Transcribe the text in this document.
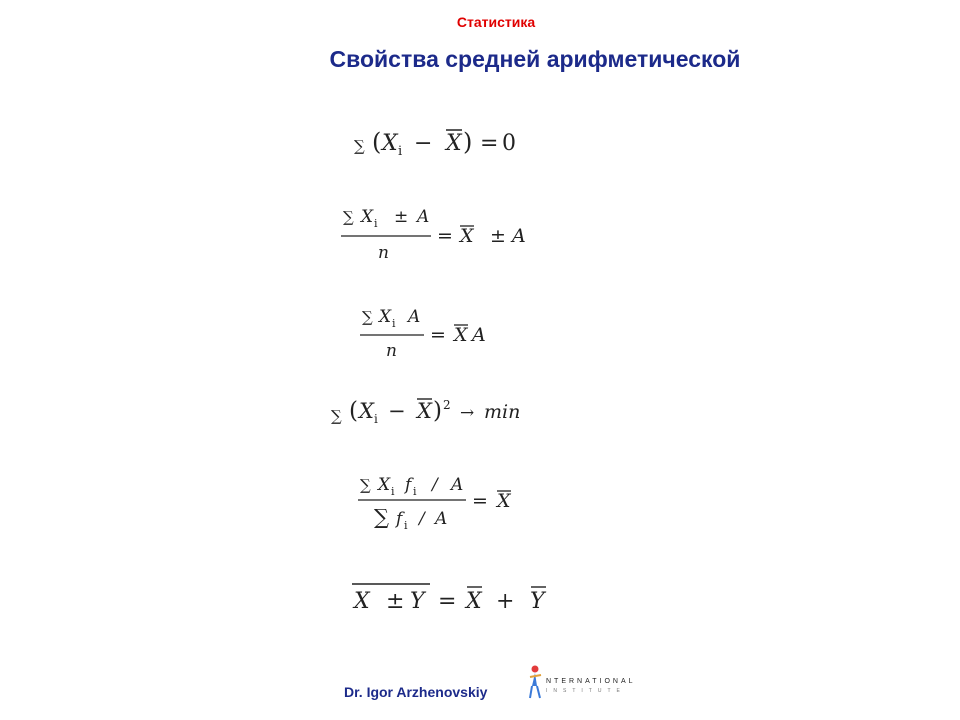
Статистика
Свойства средней арифметической
∑ ( X i − X ) = 0
∑ X i ± A
n
= X ± A
∑ X i A
n
= X A
∑ ( X i − X ) 2 → min
∑ X i f i / A
∑ f i / A
= X
X ± Y = X + Y
Dr. Igor Arzhenovskiy
NTERNATIONAL
INSTITUTE
